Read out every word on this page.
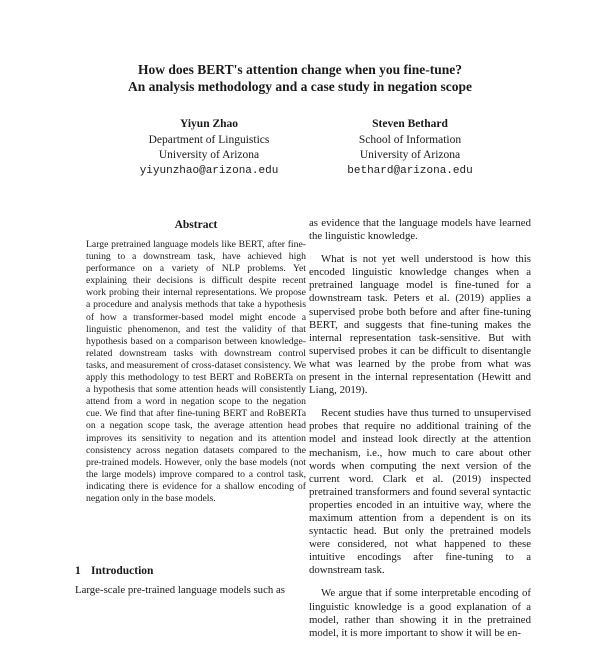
How does BERT's attention change when you fine-tune?
An analysis methodology and a case study in negation scope
Yiyun Zhao
Department of Linguistics
University of Arizona
yiyunzhao@arizona.edu
Steven Bethard
School of Information
University of Arizona
bethard@arizona.edu
Abstract
Large pretrained language models like BERT, after fine-tuning to a downstream task, have achieved high performance on a variety of NLP problems. Yet explaining their decisions is difficult despite recent work probing their internal representations. We propose a procedure and analysis methods that take a hypothesis of how a transformer-based model might encode a linguistic phenomenon, and test the validity of that hypothesis based on a comparison between knowledge-related downstream tasks with downstream control tasks, and measurement of cross-dataset consistency. We apply this methodology to test BERT and RoBERTa on a hypothesis that some attention heads will consistently attend from a word in negation scope to the negation cue. We find that after fine-tuning BERT and RoBERTa on a negation scope task, the average attention head improves its sensitivity to negation and its attention consistency across negation datasets compared to the pre-trained models. However, only the base models (not the large models) improve compared to a control task, indicating there is evidence for a shallow encoding of negation only in the base models.
1 Introduction
Large-scale pre-trained language models such as

as evidence that the language models have learned the linguistic knowledge.

What is not yet well understood is how this encoded linguistic knowledge changes when a pretrained language model is fine-tuned for a downstream task. Peters et al. (2019) applies a supervised probe both before and after fine-tuning BERT, and suggests that fine-tuning makes the internal representation task-sensitive. But with supervised probes it can be difficult to disentangle what was learned by the probe from what was present in the internal representation (Hewitt and Liang, 2019).

Recent studies have thus turned to unsupervised probes that require no additional training of the model and instead look directly at the attention mechanism, i.e., how much to care about other words when computing the next version of the current word. Clark et al. (2019) inspected pretrained transformers and found several syntactic properties encoded in an intuitive way, where the maximum attention from a dependent is on its syntactic head. But only the pretrained models were considered, not what happened to these intuitive encodings after fine-tuning to a downstream task.

We argue that if some interpretable encoding of linguistic knowledge is a good explanation of a model, rather than showing it in the pretrained model, it is more important to show it will be en-
